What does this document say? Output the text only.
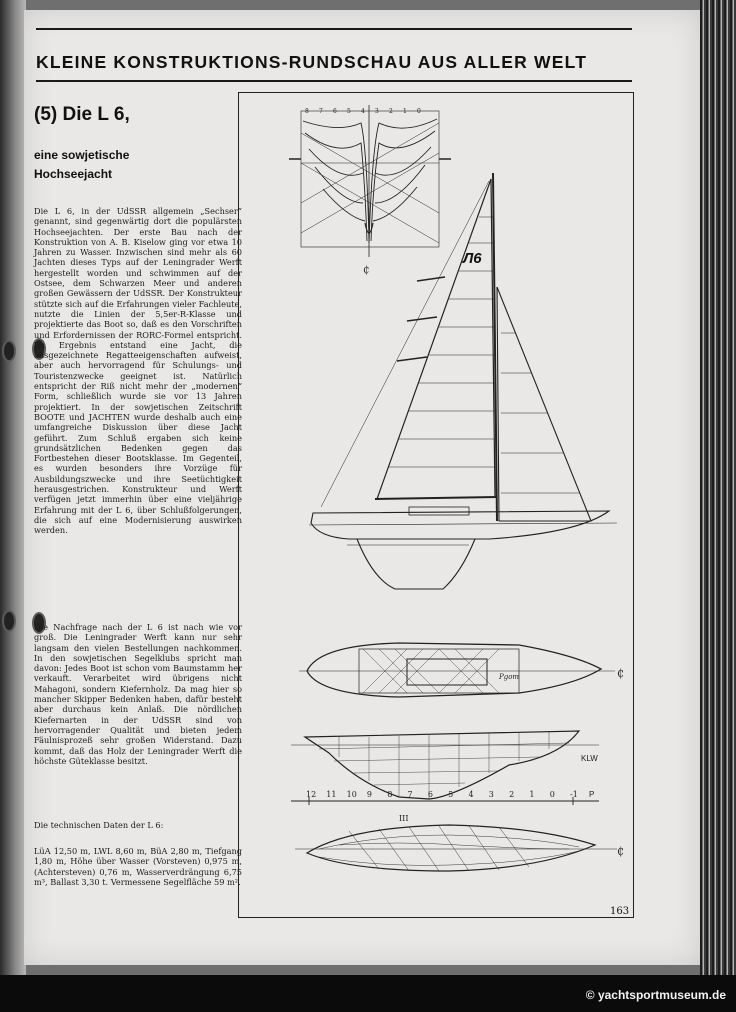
KLEINE KONSTRUKTIONS-RUNDSCHAU AUS ALLER WELT
(5) Die L 6,
eine sowjetische
Hochseejacht
Die L 6, in der UdSSR allgemein „Sechser“ genannt, sind gegenwärtig dort die populärsten Hochseejachten. Der erste Bau nach der Konstruktion von A. B. Kiselow ging vor etwa 10 Jahren zu Wasser. Inzwischen sind mehr als 60 Jachten dieses Typs auf der Leningrader Werft hergestellt worden und schwimmen auf der Ostsee, dem Schwarzen Meer und anderen großen Gewässern der UdSSR. Der Konstrukteur stützte sich auf die Erfahrungen vieler Fachleute, nutzte die Linien der 5,5er-R-Klasse und projektierte das Boot so, daß es den Vorschriften und Erfordernissen der RORC-Formel entspricht. Im Ergebnis entstand eine Jacht, die ausgezeichnete Regatteeigenschaften aufweist, aber auch hervorragend für Schulungs- und Touristenzwecke geeignet ist. Natürlich entspricht der Riß nicht mehr der „modernen“ Form, schließlich wurde sie vor 13 Jahren projektiert. In der sowjetischen Zeitschrift BOOTE und JACHTEN wurde deshalb auch eine umfangreiche Diskussion über diese Jacht geführt. Zum Schluß ergaben sich keine grundsätzlichen Bedenken gegen das Fortbestehen dieser Bootsklasse. Im Gegenteil, es wurden besonders ihre Vorzüge für Ausbildungszwecke und ihre Seetüchtigkeit herausgestrichen. Konstrukteur und Werft verfügen jetzt immerhin über eine vieljährige Erfahrung mit der L 6, über Schlußfolgerungen, die sich auf eine Modernisierung auswirken werden.
Die Nachfrage nach der L 6 ist nach wie vor groß. Die Leningrader Werft kann nur sehr langsam den vielen Bestellungen nachkommen. In den sowjetischen Segelklubs spricht man davon: Jedes Boot ist schon vom Baumstamm her verkauft. Verarbeitet wird übrigens nicht Mahagoni, sondern Kiefernholz. Da mag hier so mancher Skipper Bedenken haben, dafür besteht aber durchaus kein Anlaß. Die nördlichen Kiefernarten in der UdSSR sind von hervorragender Qualität und bieten jedem Fäulnisprozeß sehr großen Widerstand. Dazu kommt, daß das Holz der Leningrader Werft die höchste Güteklasse besitzt.
Die technischen Daten der L 6:
LüA 12,50 m, LWL 8,60 m, BüA 2,80 m, Tiefgang 1,80 m, Höhe über Wasser (Vorsteven) 0,975 m, (Achtersteven) 0,76 m, Wasserverdrängung 6,75 m³, Ballast 3,30 t. Vermessene Segelfläche 59 m².
₵
₵
KLW
P
III
12 11 10 9 8 7 6 5 4 3 2 1 0 -1
8 7 6 5 4 3 2 1 0
₵
Л6
Pgom
163
© yachtsportmuseum.de
